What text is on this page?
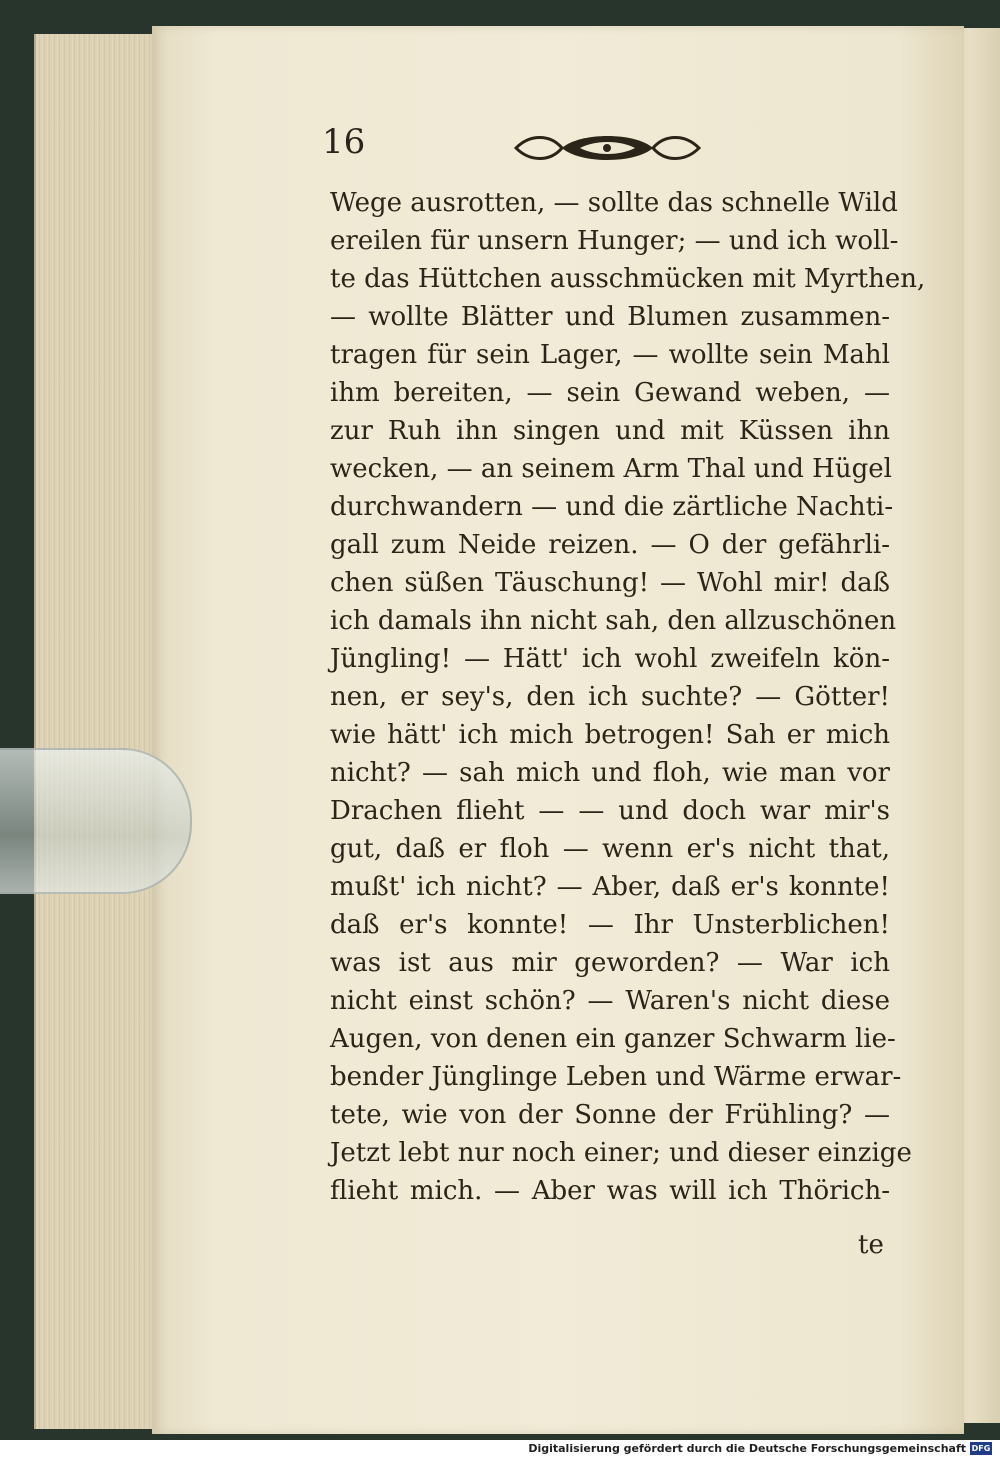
16
Wege ausrotten, — sollte das schnelle Wild
ereilen für unsern Hunger; — und ich woll-
te das Hüttchen ausschmücken mit Myrthen,
— wollte Blätter und Blumen zusammen-
tragen für sein Lager, — wollte sein Mahl
ihm bereiten, — sein Gewand weben, —
zur Ruh ihn singen und mit Küssen ihn
wecken, — an seinem Arm Thal und Hügel
durchwandern — und die zärtliche Nachti-
gall zum Neide reizen. — O der gefährli-
chen süßen Täuschung! — Wohl mir! daß
ich damals ihn nicht sah, den allzuschönen
Jüngling! — Hätt' ich wohl zweifeln kön-
nen, er sey's, den ich suchte? — Götter!
wie hätt' ich mich betrogen! Sah er mich
nicht? — sah mich und floh, wie man vor
Drachen flieht — — und doch war mir's
gut, daß er floh — wenn er's nicht that,
mußt' ich nicht? — Aber, daß er's konnte!
daß er's konnte! — Ihr Unsterblichen!
was ist aus mir geworden? — War ich
nicht einst schön? — Waren's nicht diese
Augen, von denen ein ganzer Schwarm lie-
bender Jünglinge Leben und Wärme erwar-
tete, wie von der Sonne der Frühling? —
Jetzt lebt nur noch einer; und dieser einzige
flieht mich. — Aber was will ich Thörich-
te
Digitalisierung gefördert durch die Deutsche Forschungsgemeinschaft DFG
